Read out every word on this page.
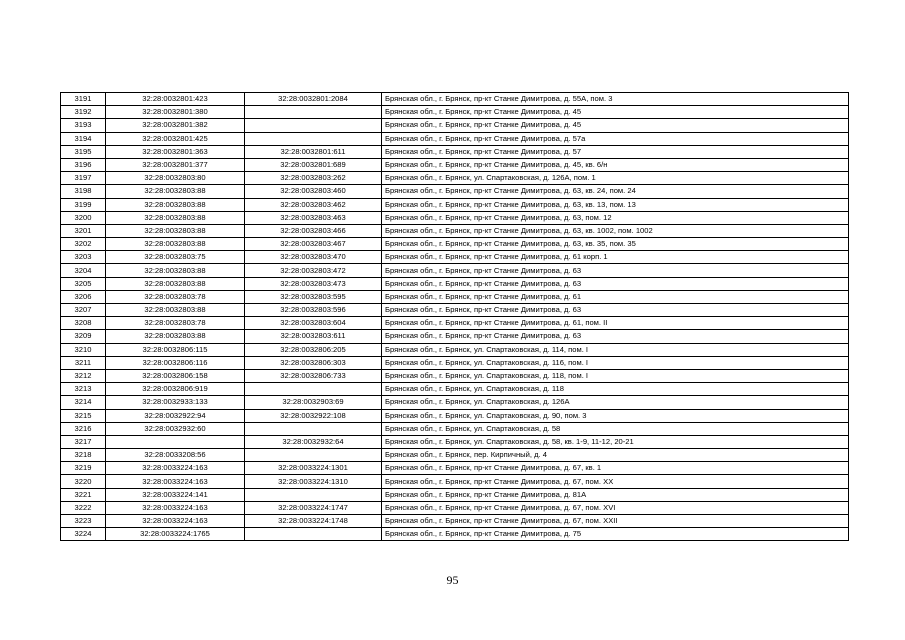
3191	32:28:0032801:423	32:28:0032801:2084	Брянская обл., г. Брянск, пр-кт Станке Димитрова, д. 55А, пом. 3
3192	32:28:0032801:380		Брянская обл., г. Брянск, пр-кт Станке Димитрова, д. 45
3193	32:28:0032801:382		Брянская обл., г. Брянск, пр-кт Станке Димитрова, д. 45
3194	32:28:0032801:425		Брянская обл., г. Брянск, пр-кт Станке Димитрова, д. 57а
3195	32:28:0032801:363	32:28:0032801:611	Брянская обл., г. Брянск, пр-кт Станке Димитрова, д. 57
3196	32:28:0032801:377	32:28:0032801:689	Брянская обл., г. Брянск, пр-кт Станке Димитрова, д. 45, кв. 6/н
3197	32:28:0032803:80	32:28:0032803:262	Брянская обл., г. Брянск, ул. Спартаковская, д. 126А, пом. 1
3198	32:28:0032803:88	32:28:0032803:460	Брянская обл., г. Брянск, пр-кт Станке Димитрова, д. 63, кв. 24, пом. 24
3199	32:28:0032803:88	32:28:0032803:462	Брянская обл., г. Брянск, пр-кт Станке Димитрова, д. 63, кв. 13, пом. 13
3200	32:28:0032803:88	32:28:0032803:463	Брянская обл., г. Брянск, пр-кт Станке Димитрова, д. 63, пом. 12
3201	32:28:0032803:88	32:28:0032803:466	Брянская обл., г. Брянск, пр-кт Станке Димитрова, д. 63, кв. 1002, пом. 1002
3202	32:28:0032803:88	32:28:0032803:467	Брянская обл., г. Брянск, пр-кт Станке Димитрова, д. 63, кв. 35, пом. 35
3203	32:28:0032803:75	32:28:0032803:470	Брянская обл., г. Брянск, пр-кт Станке Димитрова, д. 61 корп. 1
3204	32:28:0032803:88	32:28:0032803:472	Брянская обл., г. Брянск, пр-кт Станке Димитрова, д. 63
3205	32:28:0032803:88	32:28:0032803:473	Брянская обл., г. Брянск, пр-кт Станке Димитрова, д. 63
3206	32:28:0032803:78	32:28:0032803:595	Брянская обл., г. Брянск, пр-кт Станке Димитрова, д. 61
3207	32:28:0032803:88	32:28:0032803:596	Брянская обл., г. Брянск, пр-кт Станке Димитрова, д. 63
3208	32:28:0032803:78	32:28:0032803:604	Брянская обл., г. Брянск, пр-кт Станке Димитрова, д. 61, пом. II
3209	32:28:0032803:88	32:28:0032803:611	Брянская обл., г. Брянск, пр-кт Станке Димитрова, д. 63
3210	32:28:0032806:115	32:28:0032806:205	Брянская обл., г. Брянск, ул. Спартаковская, д. 114, пом. I
3211	32:28:0032806:116	32:28:0032806:303	Брянская обл., г. Брянск, ул. Спартаковская, д. 116, пом. I
3212	32:28:0032806:158	32:28:0032806:733	Брянская обл., г. Брянск, ул. Спартаковская, д. 118, пом. I
3213	32:28:0032806:919		Брянская обл., г. Брянск, ул. Спартаковская, д. 118
3214	32:28:0032933:133	32:28:0032903:69	Брянская обл., г. Брянск, ул. Спартаковская, д. 126А
3215	32:28:0032922:94	32:28:0032922:108	Брянская обл., г. Брянск, ул. Спартаковская, д. 90, пом. 3
3216	32:28:0032932:60		Брянская обл., г. Брянск, ул. Спартаковская, д. 58
3217		32:28:0032932:64	Брянская обл., г. Брянск, ул. Спартаковская, д. 58, кв. 1-9, 11-12, 20-21
3218	32:28:0033208:56		Брянская обл., г. Брянск, пер. Кирпичный, д. 4
3219	32:28:0033224:163	32:28:0033224:1301	Брянская обл., г. Брянск, пр-кт Станке Димитрова, д. 67, кв. 1
3220	32:28:0033224:163	32:28:0033224:1310	Брянская обл., г. Брянск, пр-кт Станке Димитрова, д. 67, пом. XX
3221	32:28:0033224:141		Брянская обл., г. Брянск, пр-кт Станке Димитрова, д. 81А
3222	32:28:0033224:163	32:28:0033224:1747	Брянская обл., г. Брянск, пр-кт Станке Димитрова, д. 67, пом. XVI
3223	32:28:0033224:163	32:28:0033224:1748	Брянская обл., г. Брянск, пр-кт Станке Димитрова, д. 67, пом. XXII
3224	32:28:0033224:1765		Брянская обл., г. Брянск, пр-кт Станке Димитрова, д. 75
95
